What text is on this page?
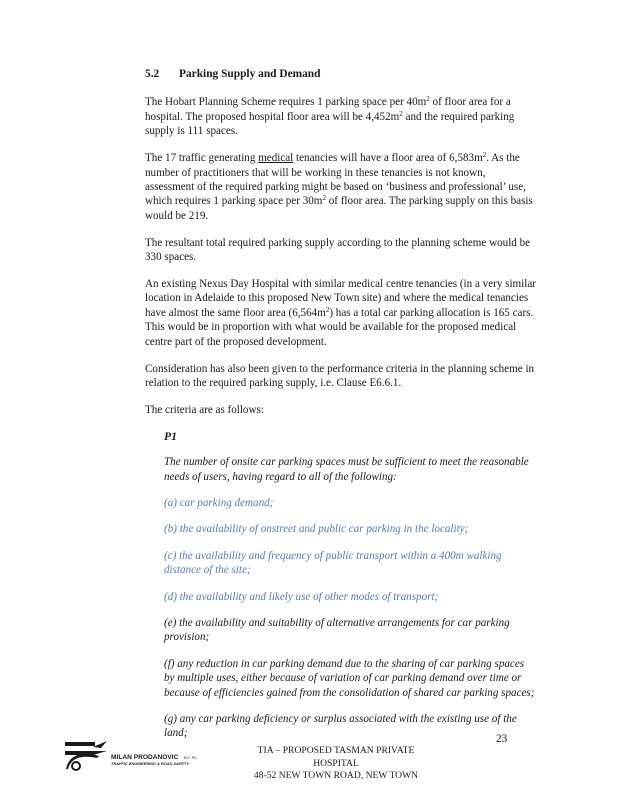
5.2 Parking Supply and Demand

The Hobart Planning Scheme requires 1 parking space per $40m^2$ of floor area for a hospital. The proposed hospital floor area will be $4,452m^2$ and the required parking supply is 111 spaces.

The 17 traffic generating medical tenancies will have a floor area of $6,583m^2$. As the number of practitioners that will be working in these tenancies is not known, assessment of the required parking might be based on ‘business and professional’ use, which requires 1 parking space per $30m^2$ of floor area. The parking supply on this basis would be 219.

The resultant total required parking supply according to the planning scheme would be 330 spaces.

An existing Nexus Day Hospital with similar medical centre tenancies (in a very similar location in Adelaide to this proposed New Town site) and where the medical tenancies have almost the same floor area $(6,564m^2)$ has a total car parking allocation is 165 cars. This would be in proportion with what would be available for the proposed medical centre part of the proposed development.

Consideration has also been given to the performance criteria in the planning scheme in relation to the required parking supply, i.e. Clause E6.6.1.

The criteria are as follows:

P1

The number of onsite car parking spaces must be sufficient to meet the reasonable needs of users, having regard to all of the following:

(a) car parking demand;

(b) the availability of onstreet and public car parking in the locality;

(c) the availability and frequency of public transport within a 400m walking distance of the site;

(d) the availability and likely use of other modes of transport;

(e) the availability and suitability of alternative arrangements for car parking provision;

(f) any reduction in car parking demand due to the sharing of car parking spaces by multiple uses, either because of variation of car parking demand over time or because of efficiencies gained from the consolidation of shared car parking spaces;

(g) any car parking deficiency or surplus associated with the existing use of the land;	23
MILAN PRODANOVIC B.E. P/L
TRAFFIC ENGINEERING & ROAD SAFETY
TIA – PROPOSED TASMAN PRIVATE HOSPITAL
48-52 NEW TOWN ROAD, NEW TOWN
